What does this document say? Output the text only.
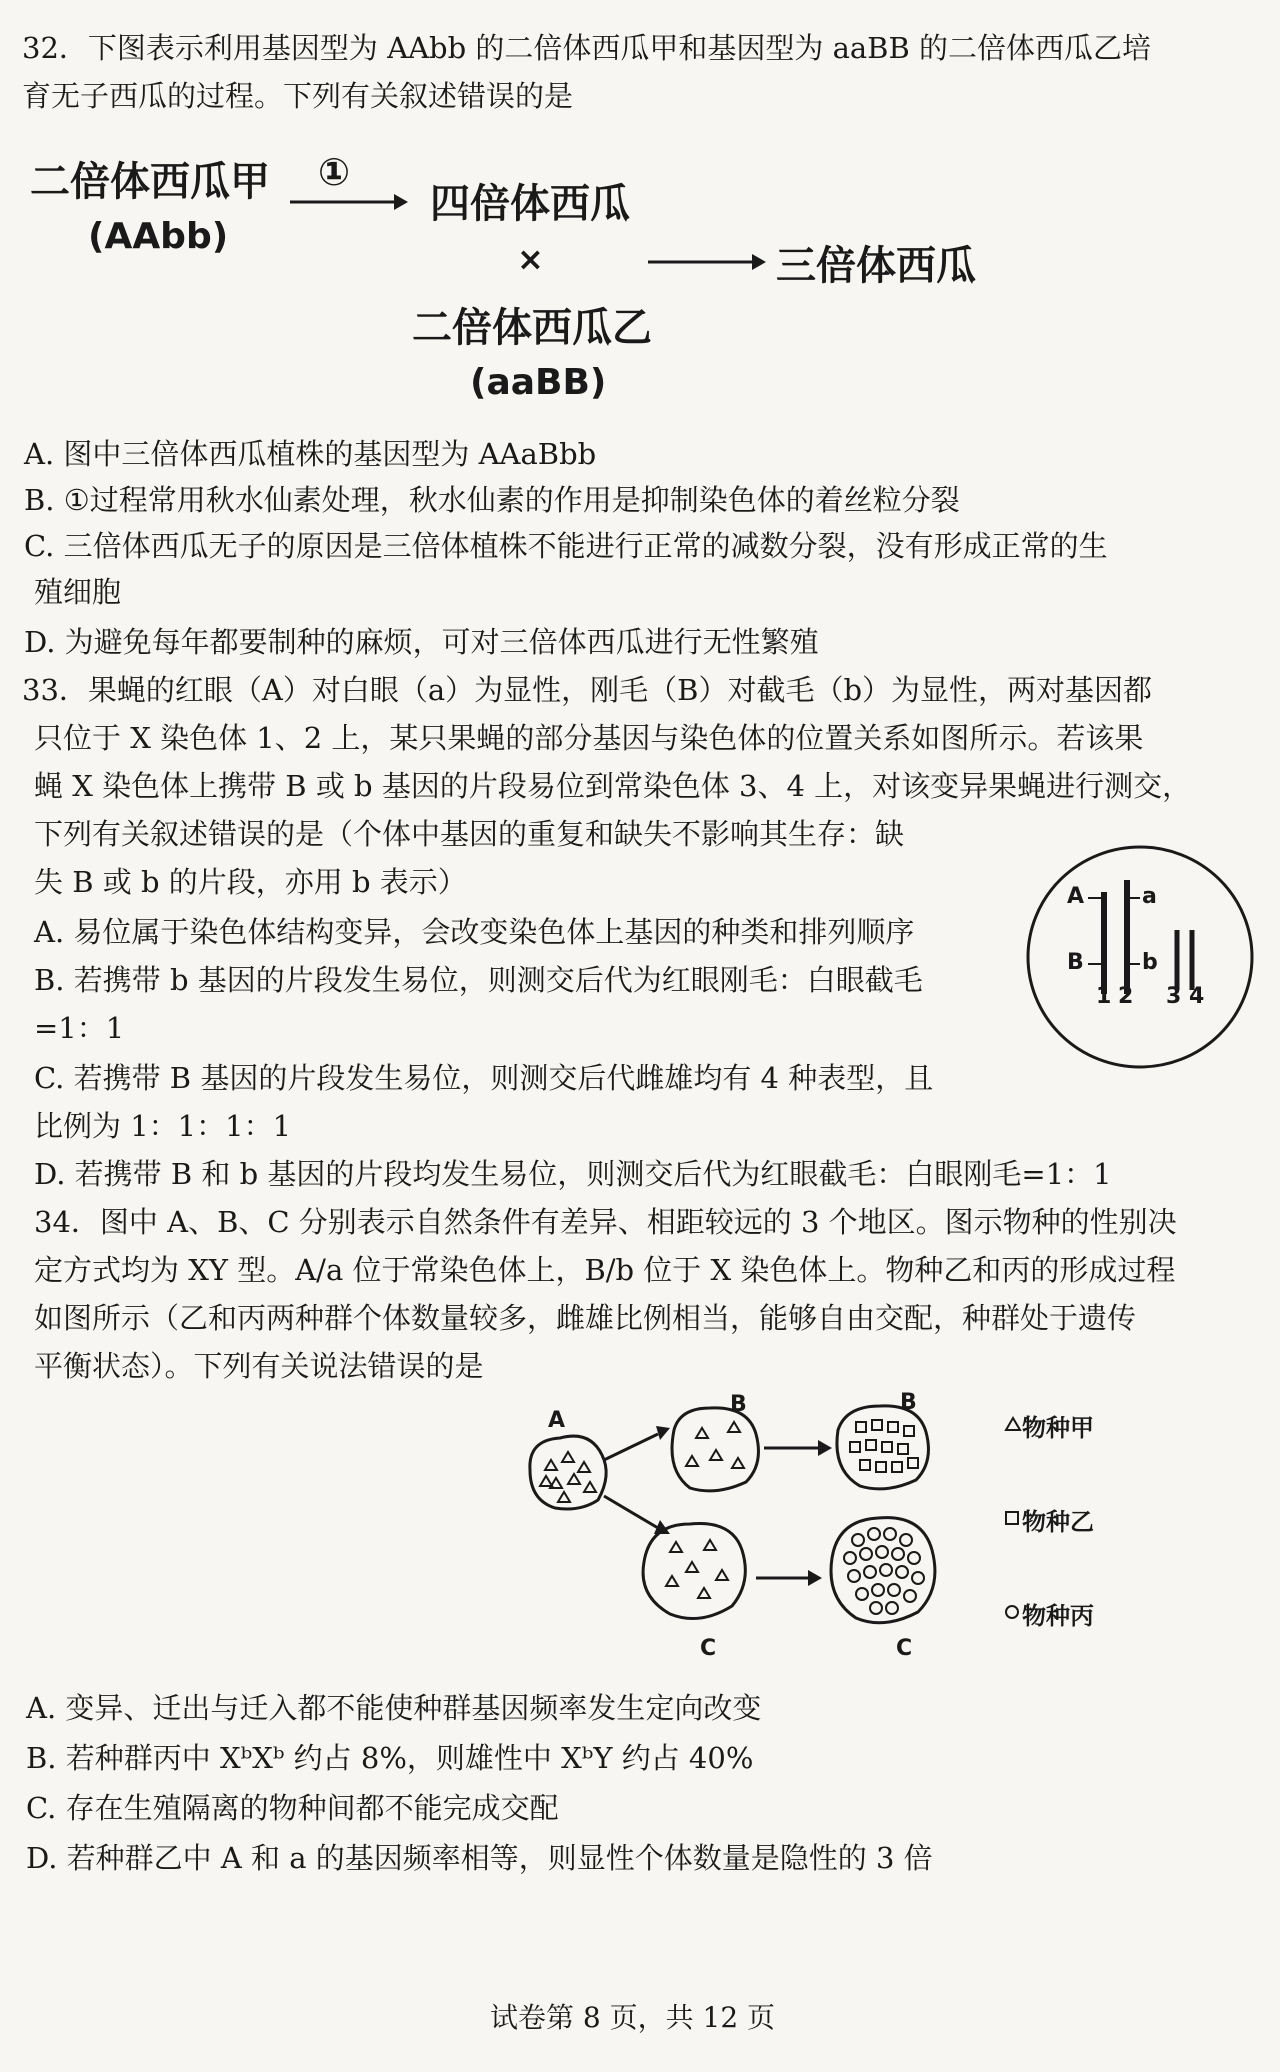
32．下图表示利用基因型为 AAbb 的二倍体西瓜甲和基因型为 aaBB 的二倍体西瓜乙培
育无子西瓜的过程。下列有关叙述错误的是
二倍体西瓜甲
(AAbb)
①
四倍体西瓜
×	三倍体西瓜
二倍体西瓜乙
(aaBB)
A. 图中三倍体西瓜植株的基因型为 AAaBbb
B. ①过程常用秋水仙素处理，秋水仙素的作用是抑制染色体的着丝粒分裂
C. 三倍体西瓜无子的原因是三倍体植株不能进行正常的减数分裂，没有形成正常的生
殖细胞
D. 为避免每年都要制种的麻烦，可对三倍体西瓜进行无性繁殖
33．果蝇的红眼（A）对白眼（a）为显性，刚毛（B）对截毛（b）为显性，两对基因都
只位于 X 染色体 1、2 上，某只果蝇的部分基因与染色体的位置关系如图所示。若该果
蝇 X 染色体上携带 B 或 b 基因的片段易位到常染色体 3、4 上，对该变异果蝇进行测交，
下列有关叙述错误的是（个体中基因的重复和缺失不影响其生存：缺
失 B 或 b 的片段，亦用 b 表示）	A	a
B	b
1 2 3 4
A. 易位属于染色体结构变异，会改变染色体上基因的种类和排列顺序
B. 若携带 b 基因的片段发生易位，则测交后代为红眼刚毛：白眼截毛
=1：1
C. 若携带 B 基因的片段发生易位，则测交后代雌雄均有 4 种表型，且
比例为 1：1：1：1
D. 若携带 B 和 b 基因的片段均发生易位，则测交后代为红眼截毛：白眼刚毛=1：1
34．图中 A、B、C 分别表示自然条件有差异、相距较远的 3 个地区。图示物种的性别决
定方式均为 XY 型。A/a 位于常染色体上，B/b 位于 X 染色体上。物种乙和丙的形成过程
如图所示（乙和丙两种群个体数量较多，雌雄比例相当，能够自由交配，种群处于遗传
平衡状态）。下列有关说法错误的是
A
B	B
C	C
物种甲
物种乙
物种丙
A. 变异、迁出与迁入都不能使种群基因频率发生定向改变
B. 若种群丙中 XᵇXᵇ 约占 8%，则雄性中 XᵇY 约占 40%
C. 存在生殖隔离的物种间都不能完成交配
D. 若种群乙中 A 和 a 的基因频率相等，则显性个体数量是隐性的 3 倍
试卷第 8 页，共 12 页
